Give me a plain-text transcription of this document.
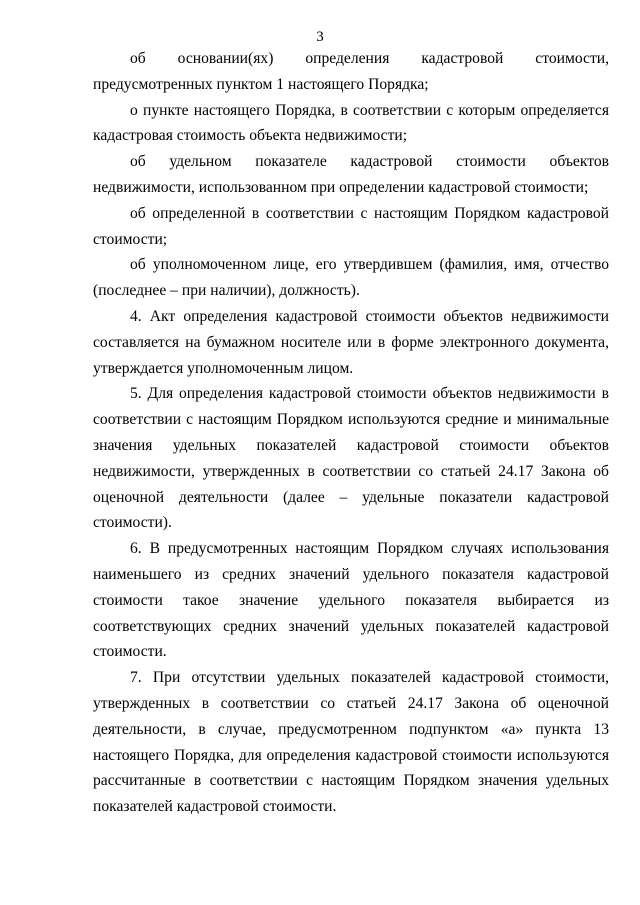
3

об основании(ях) определения кадастровой стоимости, предусмотренных пунктом 1 настоящего Порядка;

о пункте настоящего Порядка, в соответствии с которым определяется кадастровая стоимость объекта недвижимости;

об удельном показателе кадастровой стоимости объектов недвижимости, использованном при определении кадастровой стоимости;

об определенной в соответствии с настоящим Порядком кадастровой стоимости;

об уполномоченном лице, его утвердившем (фамилия, имя, отчество (последнее – при наличии), должность).

4. Акт определения кадастровой стоимости объектов недвижимости составляется на бумажном носителе или в форме электронного документа, утверждается уполномоченным лицом.

5. Для определения кадастровой стоимости объектов недвижимости в соответствии с настоящим Порядком используются средние и минимальные значения удельных показателей кадастровой стоимости объектов недвижимости, утвержденных в соответствии со статьей 24.17 Закона об оценочной деятельности (далее – удельные показатели кадастровой стоимости).

6. В предусмотренных настоящим Порядком случаях использования наименьшего из средних значений удельного показателя кадастровой стоимости такое значение удельного показателя выбирается из соответствующих средних значений удельных показателей кадастровой стоимости.

7. При отсутствии удельных показателей кадастровой стоимости, утвержденных в соответствии со статьей 24.17 Закона об оценочной деятельности, в случае, предусмотренном подпунктом «а» пункта 13 настоящего Порядка, для определения кадастровой стоимости используются рассчитанные в соответствии с настоящим Порядком значения удельных показателей кадастровой стоимости.
